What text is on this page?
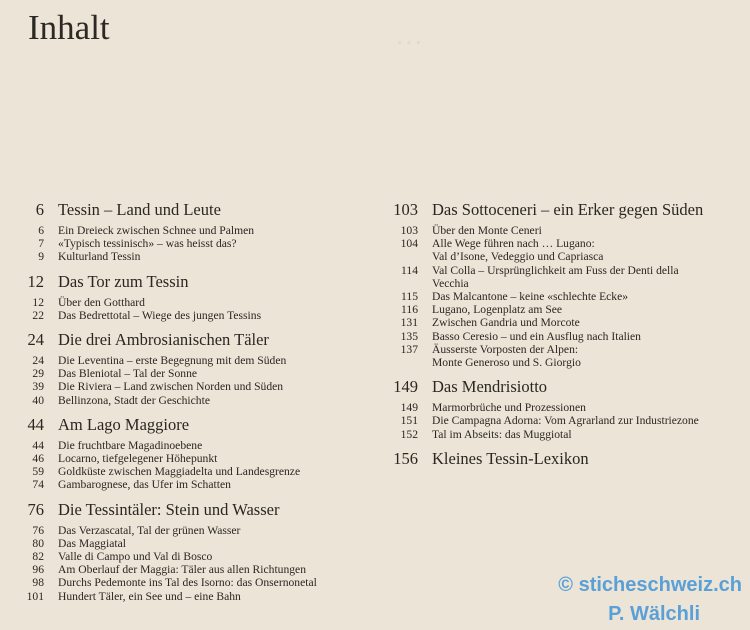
…
Inhalt
6 Tessin – Land und Leute
6 Ein Dreieck zwischen Schnee und Palmen
7 «Typisch tessinisch» – was heisst das?
9 Kulturland Tessin
12 Das Tor zum Tessin
12 Über den Gotthard
22 Das Bedrettotal – Wiege des jungen Tessins
24 Die drei Ambrosianischen Täler
24 Die Leventina – erste Begegnung mit dem Süden
29 Das Bleniotal – Tal der Sonne
39 Die Riviera – Land zwischen Norden und Süden
40 Bellinzona, Stadt der Geschichte
44 Am Lago Maggiore
44 Die fruchtbare Magadinoebene
46 Locarno, tiefgelegener Höhepunkt
59 Goldküste zwischen Maggiadelta und Landesgrenze
74 Gambarognese, das Ufer im Schatten
76 Die Tessintäler: Stein und Wasser
76 Das Verzascatal, Tal der grünen Wasser
80 Das Maggiatal
82 Valle di Campo und Val di Bosco
96 Am Oberlauf der Maggia: Täler aus allen Richtungen
98 Durchs Pedemonte ins Tal des Isorno: das Onsernonetal
101 Hundert Täler, ein See und – eine Bahn
103 Das Sottoceneri – ein Erker gegen Süden
103 Über den Monte Ceneri
104 Alle Wege führen nach … Lugano:
Val d’Isone, Vedeggio und Capriasca
114 Val Colla – Ursprünglichkeit am Fuss der Denti della
Vecchia
115 Das Malcantone – keine «schlechte Ecke»
116 Lugano, Logenplatz am See
131 Zwischen Gandria und Morcote
135 Basso Ceresio – und ein Ausflug nach Italien
137 Äusserste Vorposten der Alpen:
Monte Generoso und S. Giorgio
149 Das Mendrisiotto
149 Marmorbrüche und Prozessionen
151 Die Campagna Adorna: Vom Agrarland zur Industriezone
152 Tal im Abseits: das Muggiotal
156 Kleines Tessin-Lexikon
© sticheschweiz.ch
P. Wälchli
